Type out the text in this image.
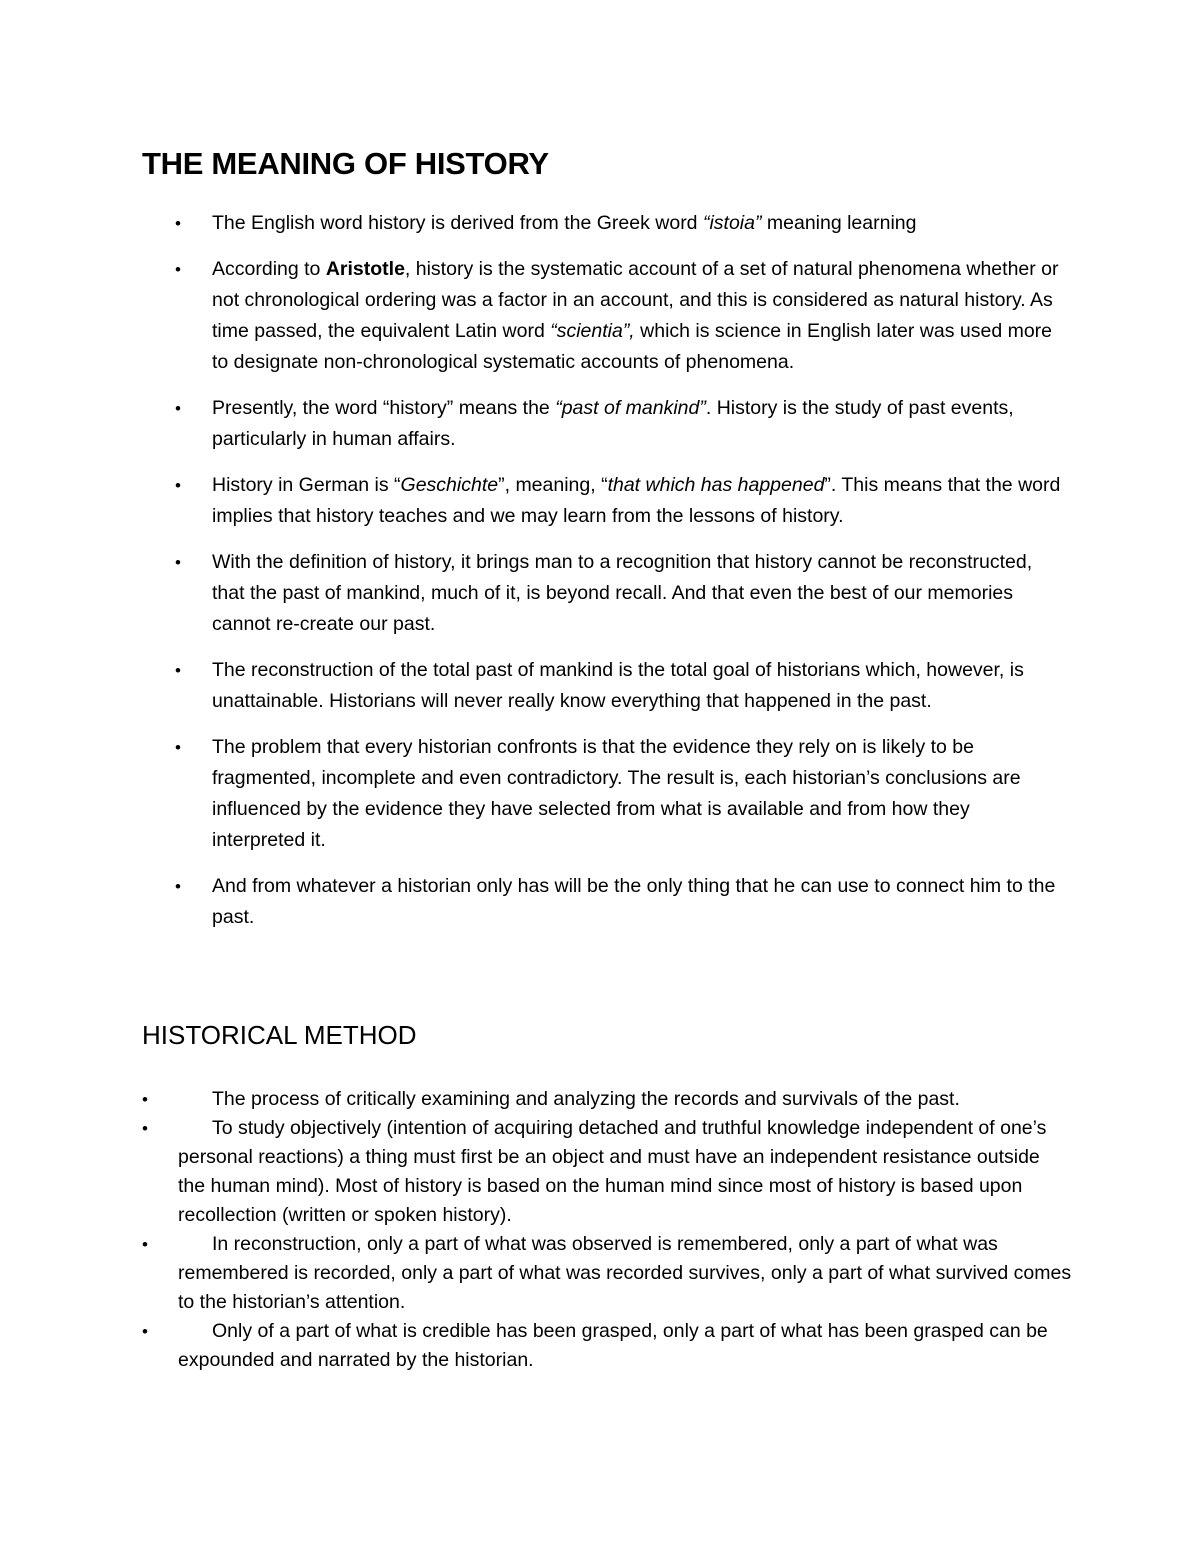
THE MEANING OF HISTORY
• The English word history is derived from the Greek word “istoia” meaning learning
• According to Aristotle, history is the systematic account of a set of natural phenomena whether or not chronological ordering was a factor in an account, and this is considered as natural history. As time passed, the equivalent Latin word “scientia”, which is science in English later was used more to designate non-chronological systematic accounts of phenomena.
• Presently, the word “history” means the “past of mankind”. History is the study of past events, particularly in human affairs.
• History in German is “Geschichte”, meaning, “that which has happened”. This means that the word implies that history teaches and we may learn from the lessons of history.
• With the definition of history, it brings man to a recognition that history cannot be reconstructed, that the past of mankind, much of it, is beyond recall. And that even the best of our memories cannot re-create our past.
• The reconstruction of the total past of mankind is the total goal of historians which, however, is unattainable. Historians will never really know everything that happened in the past.
• The problem that every historian confronts is that the evidence they rely on is likely to be fragmented, incomplete and even contradictory. The result is, each historian’s conclusions are influenced by the evidence they have selected from what is available and from how they interpreted it.
• And from whatever a historian only has will be the only thing that he can use to connect him to the past.
HISTORICAL METHOD
•	The process of critically examining and analyzing the records and survivals of the past.
•	To study objectively (intention of acquiring detached and truthful knowledge independent of one’s personal reactions) a thing must first be an object and must have an independent resistance outside the human mind). Most of history is based on the human mind since most of history is based upon recollection (written or spoken history).
•	In reconstruction, only a part of what was observed is remembered, only a part of what was remembered is recorded, only a part of what was recorded survives, only a part of what survived comes to the historian’s attention.
•	Only of a part of what is credible has been grasped, only a part of what has been grasped can be expounded and narrated by the historian.
